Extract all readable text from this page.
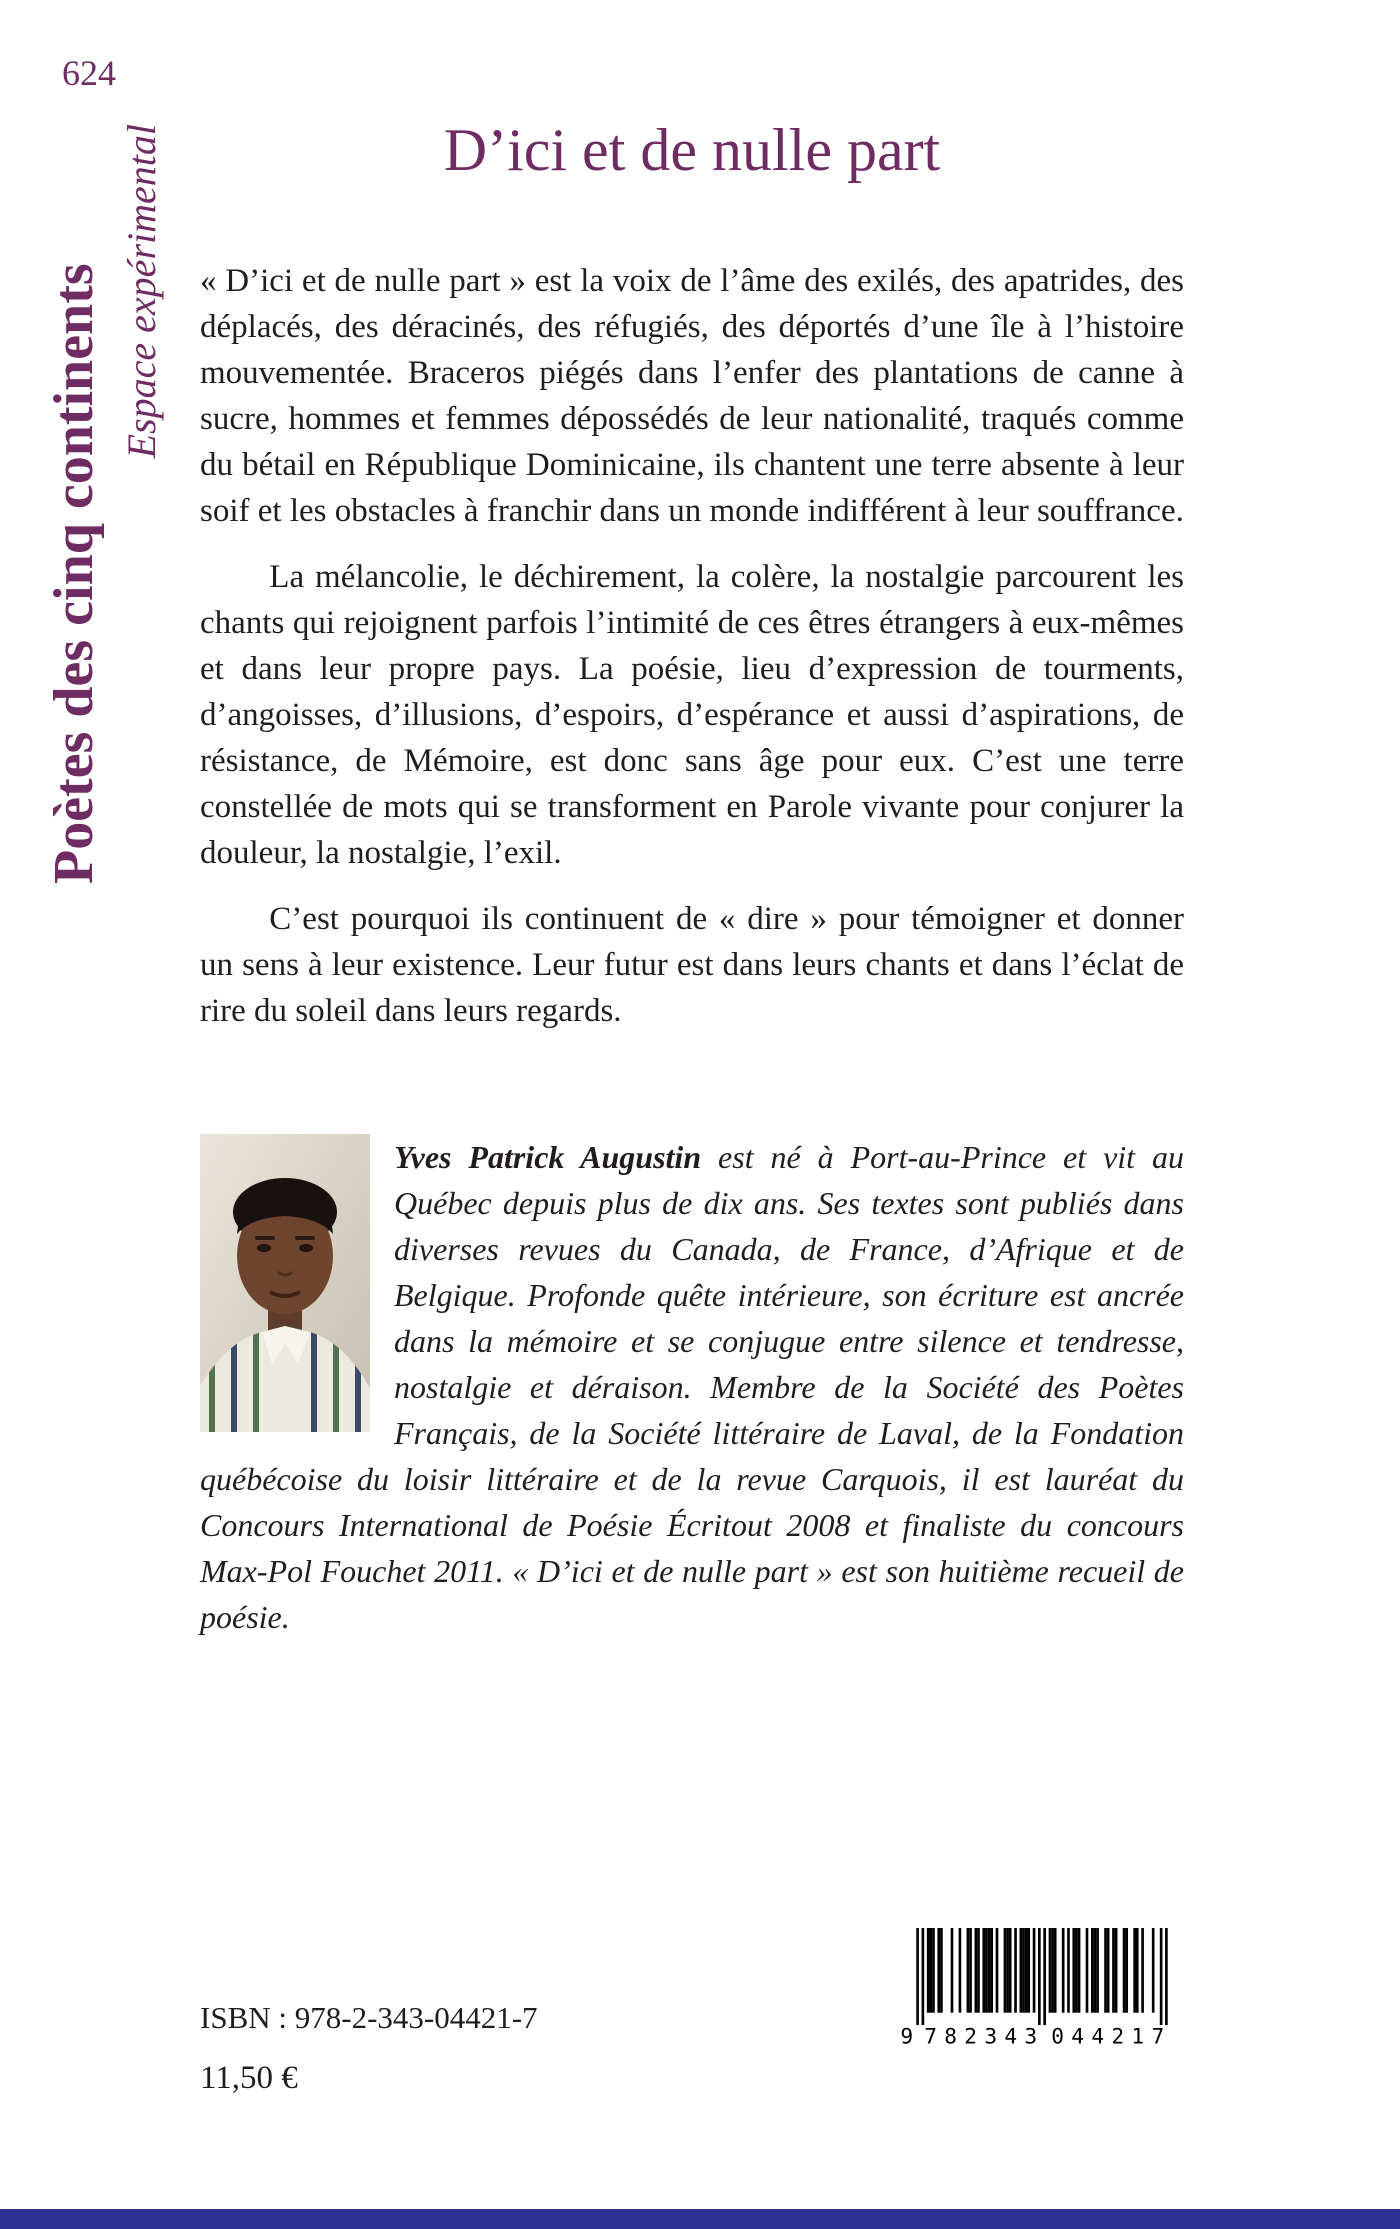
624
Poètes des cinq continents Espace expérimental	D’ici et de nulle part

« D’ici et de nulle part » est la voix de l’âme des exilés, des apatrides, des déplacés, des déracinés, des réfugiés, des déportés d’une île à l’histoire mouvementée. Braceros piégés dans l’enfer des plantations de canne à sucre, hommes et femmes dépossédés de leur nationalité, traqués comme du bétail en République Dominicaine, ils chantent une terre absente à leur soif et les obstacles à franchir dans un monde indifférent à leur souffrance.

La mélancolie, le déchirement, la colère, la nostalgie parcourent les chants qui rejoignent parfois l’intimité de ces êtres étrangers à eux-mêmes et dans leur propre pays. La poésie, lieu d’expression de tourments, d’angoisses, d’illusions, d’espoirs, d’espérance et aussi d’aspirations, de résistance, de Mémoire, est donc sans âge pour eux. C’est une terre constellée de mots qui se transforment en Parole vivante pour conjurer la douleur, la nostalgie, l’exil.

C’est pourquoi ils continuent de « dire » pour témoigner et donner un sens à leur existence. Leur futur est dans leurs chants et dans l’éclat de rire du soleil dans leurs regards.

Yves Patrick Augustin est né à Port-au-Prince et vit au Québec depuis plus de dix ans. Ses textes sont publiés dans diverses revues du Canada, de France, d’Afrique et de Belgique. Profonde quête intérieure, son écriture est ancrée dans la mémoire et se conjugue entre silence et tendresse, nostalgie et déraison. Membre de la Société des Poètes Français, de la Société littéraire de Laval, de la Fondation québécoise du loisir littéraire et de la revue Carquois, il est lauréat du Concours International de Poésie Écritout 2008 et finaliste du concours Max-Pol Fouchet 2011. « D’ici et de nulle part » est son huitième recueil de poésie.

ISBN : 978-2-343-04421-7
11,50 €
9 782343 044217
